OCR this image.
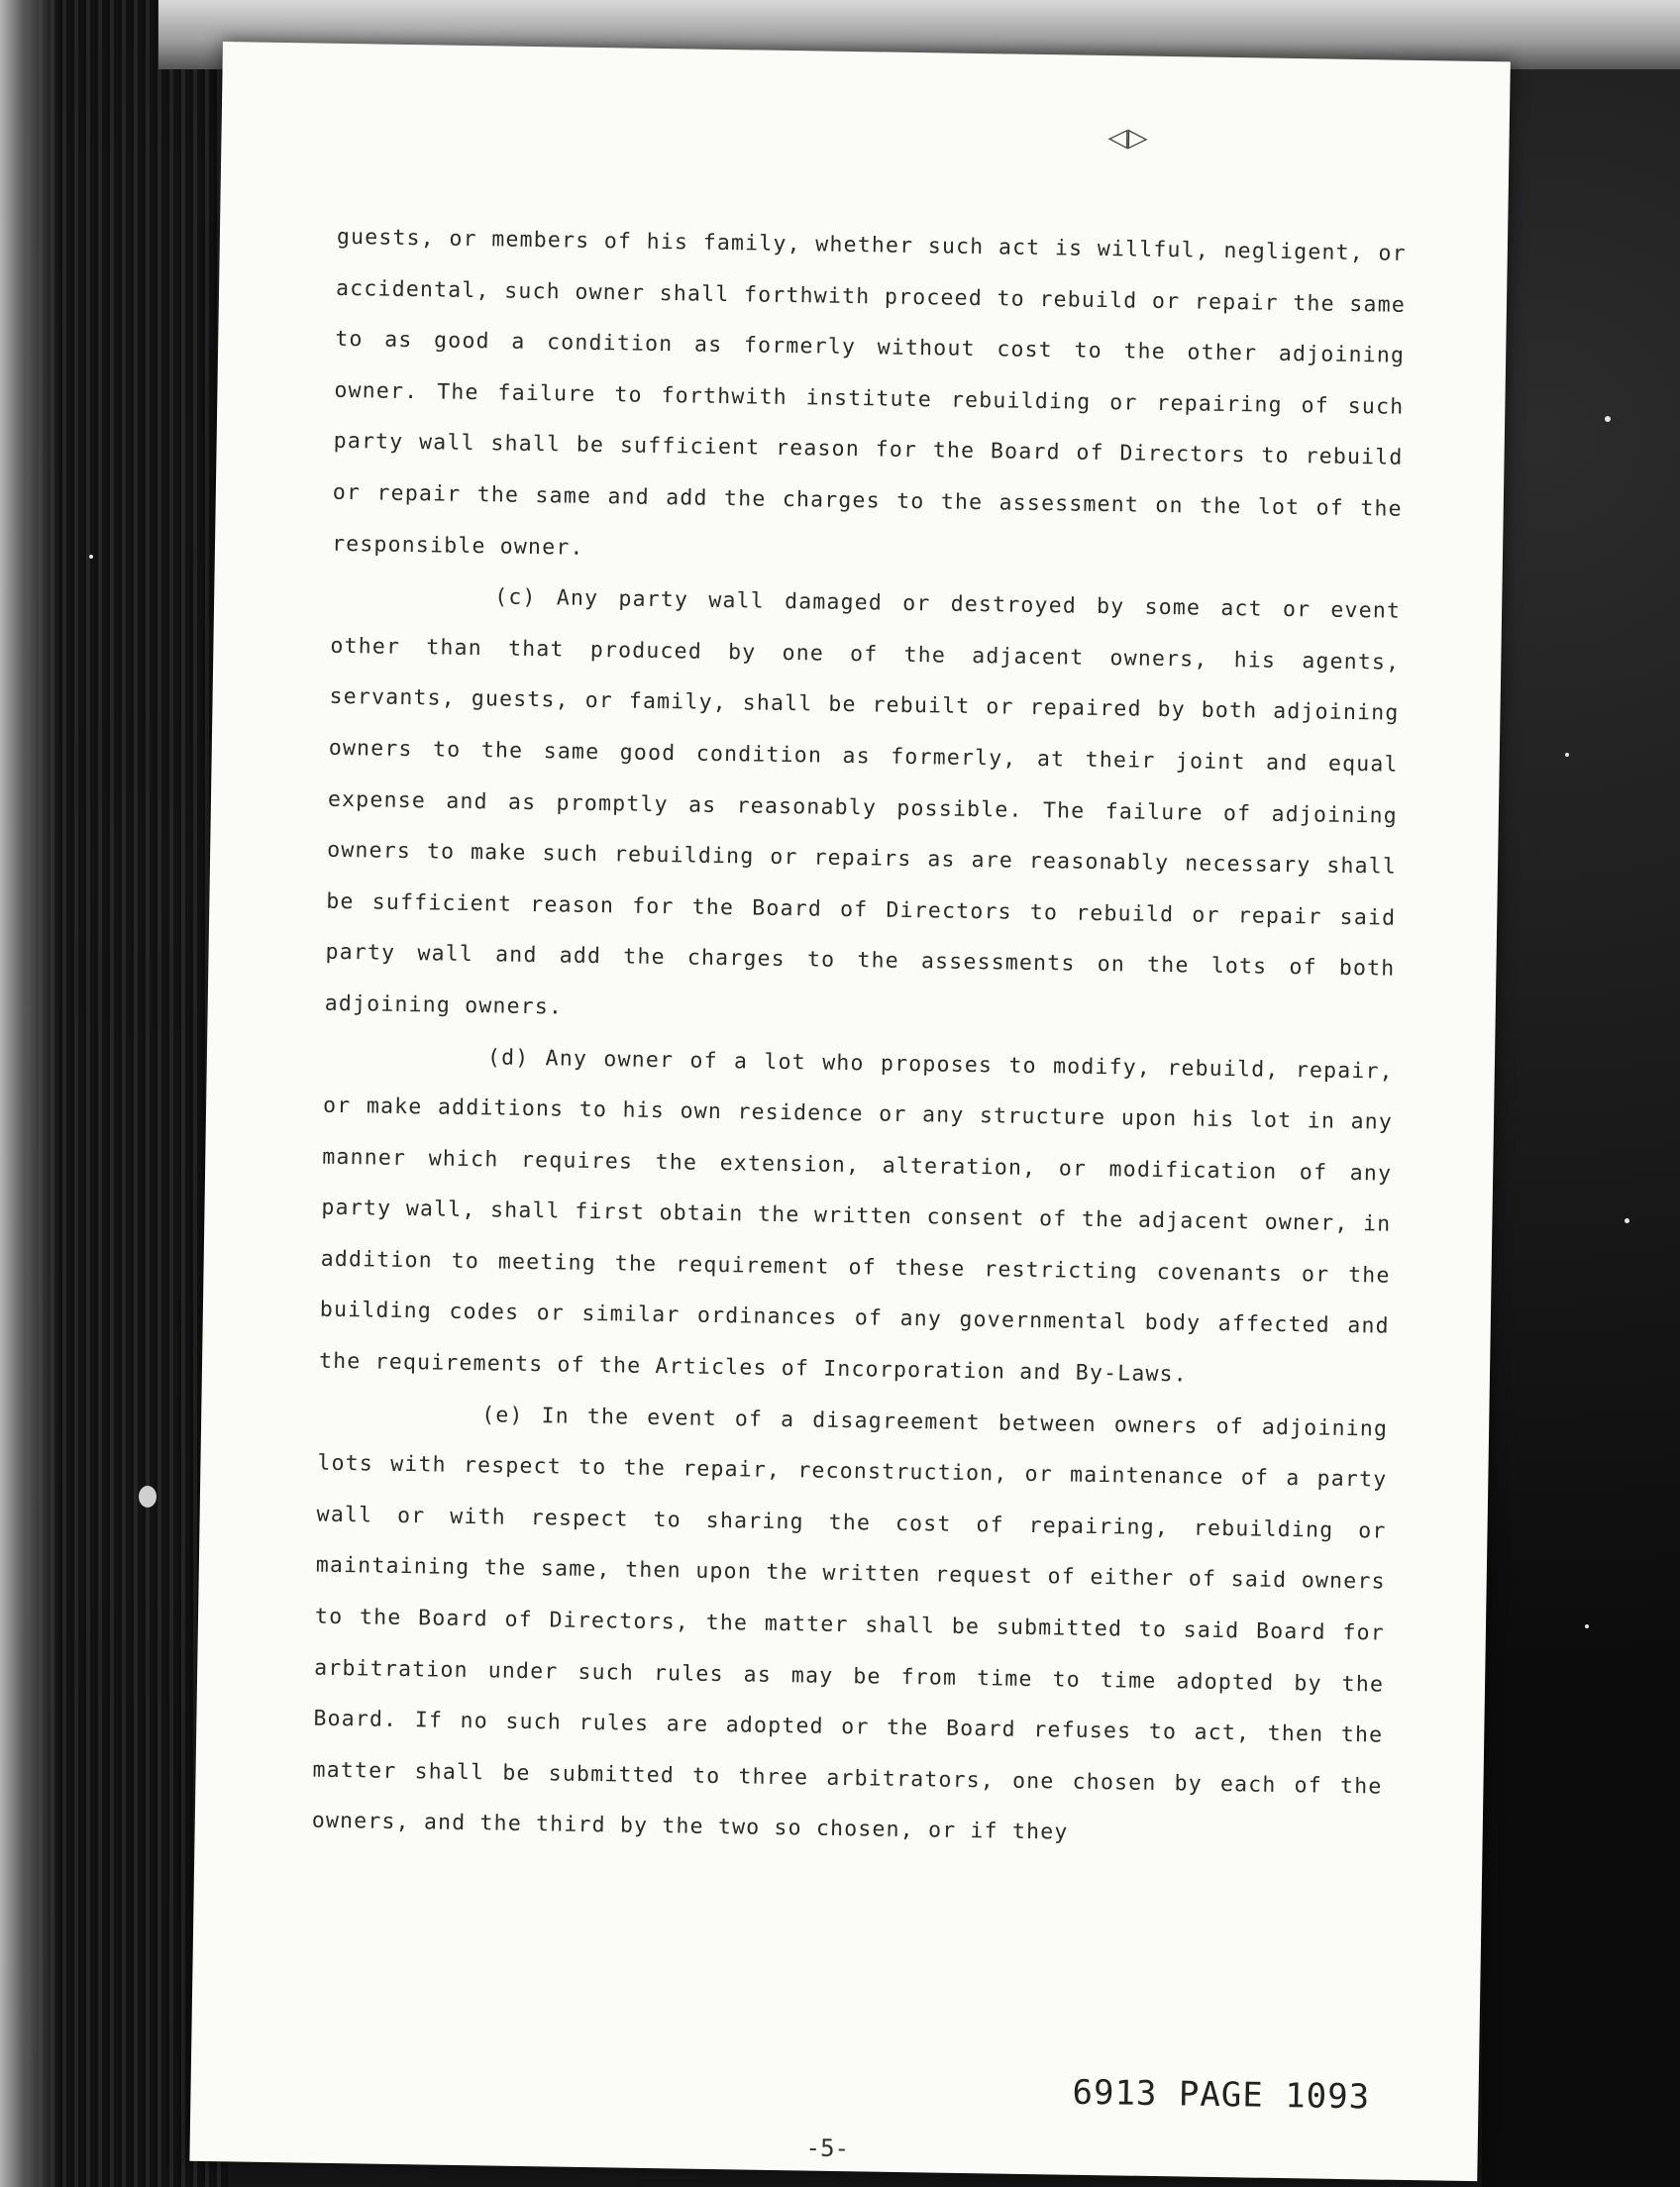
◁▷

guests, or members of his family, whether such act is willful, negligent, or accidental, such owner shall forthwith proceed to rebuild or repair the same to as good a condition as formerly without cost to the other adjoining owner. The failure to forthwith institute rebuilding or repairing of such party wall shall be sufficient reason for the Board of Directors to rebuild or repair the same and add the charges to the assessment on the lot of the responsible owner.

(c) Any party wall damaged or destroyed by some act or event other than that produced by one of the adjacent owners, his agents, servants, guests, or family, shall be rebuilt or repaired by both adjoining owners to the same good condition as formerly, at their joint and equal expense and as promptly as reasonably possible. The failure of adjoining owners to make such rebuilding or repairs as are reasonably necessary shall be sufficient reason for the Board of Directors to rebuild or repair said party wall and add the charges to the assessments on the lots of both adjoining owners.

(d) Any owner of a lot who proposes to modify, rebuild, repair, or make additions to his own residence or any structure upon his lot in any manner which requires the extension, alteration, or modification of any party wall, shall first obtain the written consent of the adjacent owner, in addition to meeting the requirement of these restricting covenants or the building codes or similar ordinances of any governmental body affected and the requirements of the Articles of Incorporation and By-Laws.

(e) In the event of a disagreement between owners of adjoining lots with respect to the repair, reconstruction, or maintenance of a party wall or with respect to sharing the cost of repairing, rebuilding or maintaining the same, then upon the written request of either of said owners to the Board of Directors, the matter shall be submitted to said Board for arbitration under such rules as may be from time to time adopted by the Board. If no such rules are adopted or the Board refuses to act, then the matter shall be submitted to three arbitrators, one chosen by each of the owners, and the third by the two so chosen, or if they

6913 PAGE 1093
-5-
